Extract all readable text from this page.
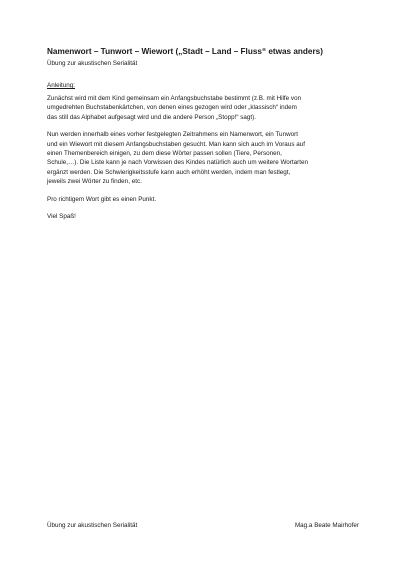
Namenwort – Tunwort – Wiewort („Stadt – Land – Fluss“ etwas anders)
Übung zur akustischen Serialität
Anleitung:
Zunächst wird mit dem Kind gemeinsam ein Anfangsbuchstabe bestimmt (z.B. mit Hilfe von
umgedrehten Buchstabenkärtchen, von denen eines gezogen wird oder „klassisch“ indem
das still das Alphabet aufgesagt wird und die andere Person „Stopp!“ sagt).
Nun werden innerhalb eines vorher festgelegten Zeitrahmens ein Namenwort, ein Tunwort
und ein Wiewort mit diesem Anfangsbuchstaben gesucht. Man kann sich auch im Voraus auf
einen Themenbereich einigen, zu dem diese Wörter passen sollen (Tiere, Personen,
Schule,…). Die Liste kann je nach Vorwissen des Kindes natürlich auch um weitere Wortarten
ergänzt werden. Die Schwierigkeitsstufe kann auch erhöht werden, indem man festlegt,
jeweils zwei Wörter zu finden, etc.
Pro richtigem Wort gibt es einen Punkt.
Viel Spaß!
Übung zur akustischen Serialität	Mag.a Beate Mairhofer
